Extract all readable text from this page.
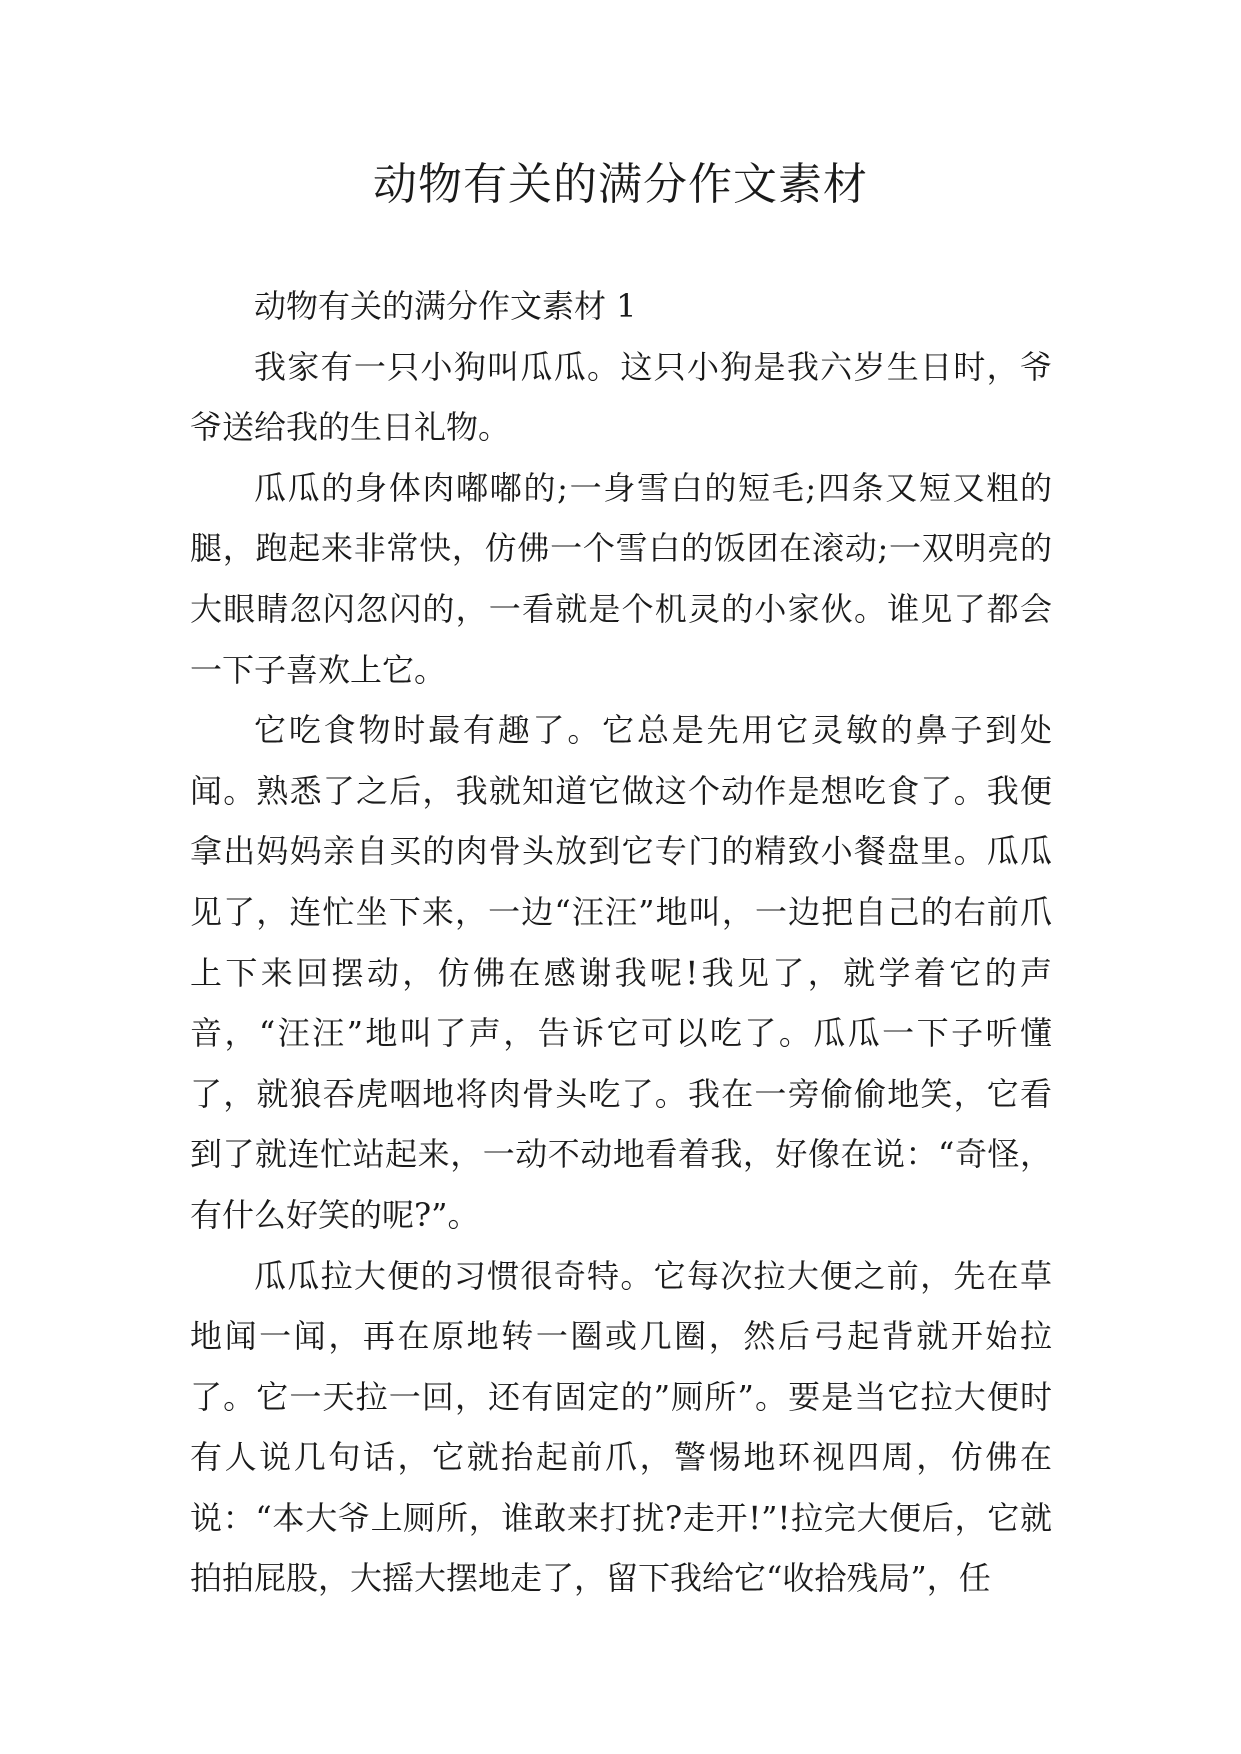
动物有关的满分作文素材

动物有关的满分作文素材 1

我家有一只小狗叫瓜瓜。这只小狗是我六岁生日时，爷爷送给我的生日礼物。

瓜瓜的身体肉嘟嘟的;一身雪白的短毛;四条又短又粗的腿，跑起来非常快，仿佛一个雪白的饭团在滚动;一双明亮的大眼睛忽闪忽闪的，一看就是个机灵的小家伙。谁见了都会一下子喜欢上它。

它吃食物时最有趣了。它总是先用它灵敏的鼻子到处闻。熟悉了之后，我就知道它做这个动作是想吃食了。我便拿出妈妈亲自买的肉骨头放到它专门的精致小餐盘里。瓜瓜见了，连忙坐下来，一边“汪汪”地叫，一边把自己的右前爪上下来回摆动，仿佛在感谢我呢!我见了，就学着它的声音，“汪汪”地叫了声，告诉它可以吃了。瓜瓜一下子听懂了，就狼吞虎咽地将肉骨头吃了。我在一旁偷偷地笑，它看到了就连忙站起来，一动不动地看着我，好像在说：“奇怪，有什么好笑的呢?”。

瓜瓜拉大便的习惯很奇特。它每次拉大便之前，先在草地闻一闻，再在原地转一圈或几圈，然后弓起背就开始拉了。它一天拉一回，还有固定的”厕所”。要是当它拉大便时有人说几句话，它就抬起前爪，警惕地环视四周，仿佛在说：“本大爷上厕所，谁敢来打扰?走开!”!拉完大便后，它就拍拍屁股，大摇大摆地走了，留下我给它“收拾残局”，任
